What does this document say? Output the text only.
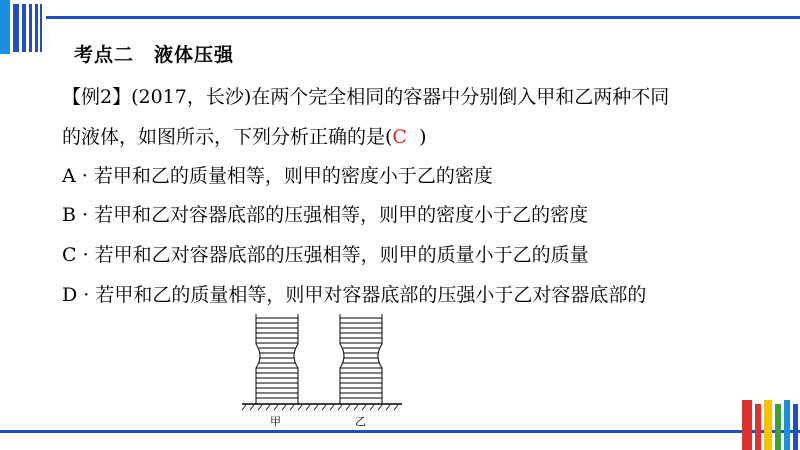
考点二　液体压强
【例2】(2017，长沙)在两个完全相同的容器中分别倒入甲和乙两种不同
的液体，如图所示，下列分析正确的是(C )
A · 若甲和乙的质量相等，则甲的密度小于乙的密度
B · 若甲和乙对容器底部的压强相等，则甲的密度小于乙的密度
C · 若甲和乙对容器底部的压强相等，则甲的质量小于乙的质量
D · 若甲和乙的质量相等，则甲对容器底部的压强小于乙对容器底部的
甲	乙
